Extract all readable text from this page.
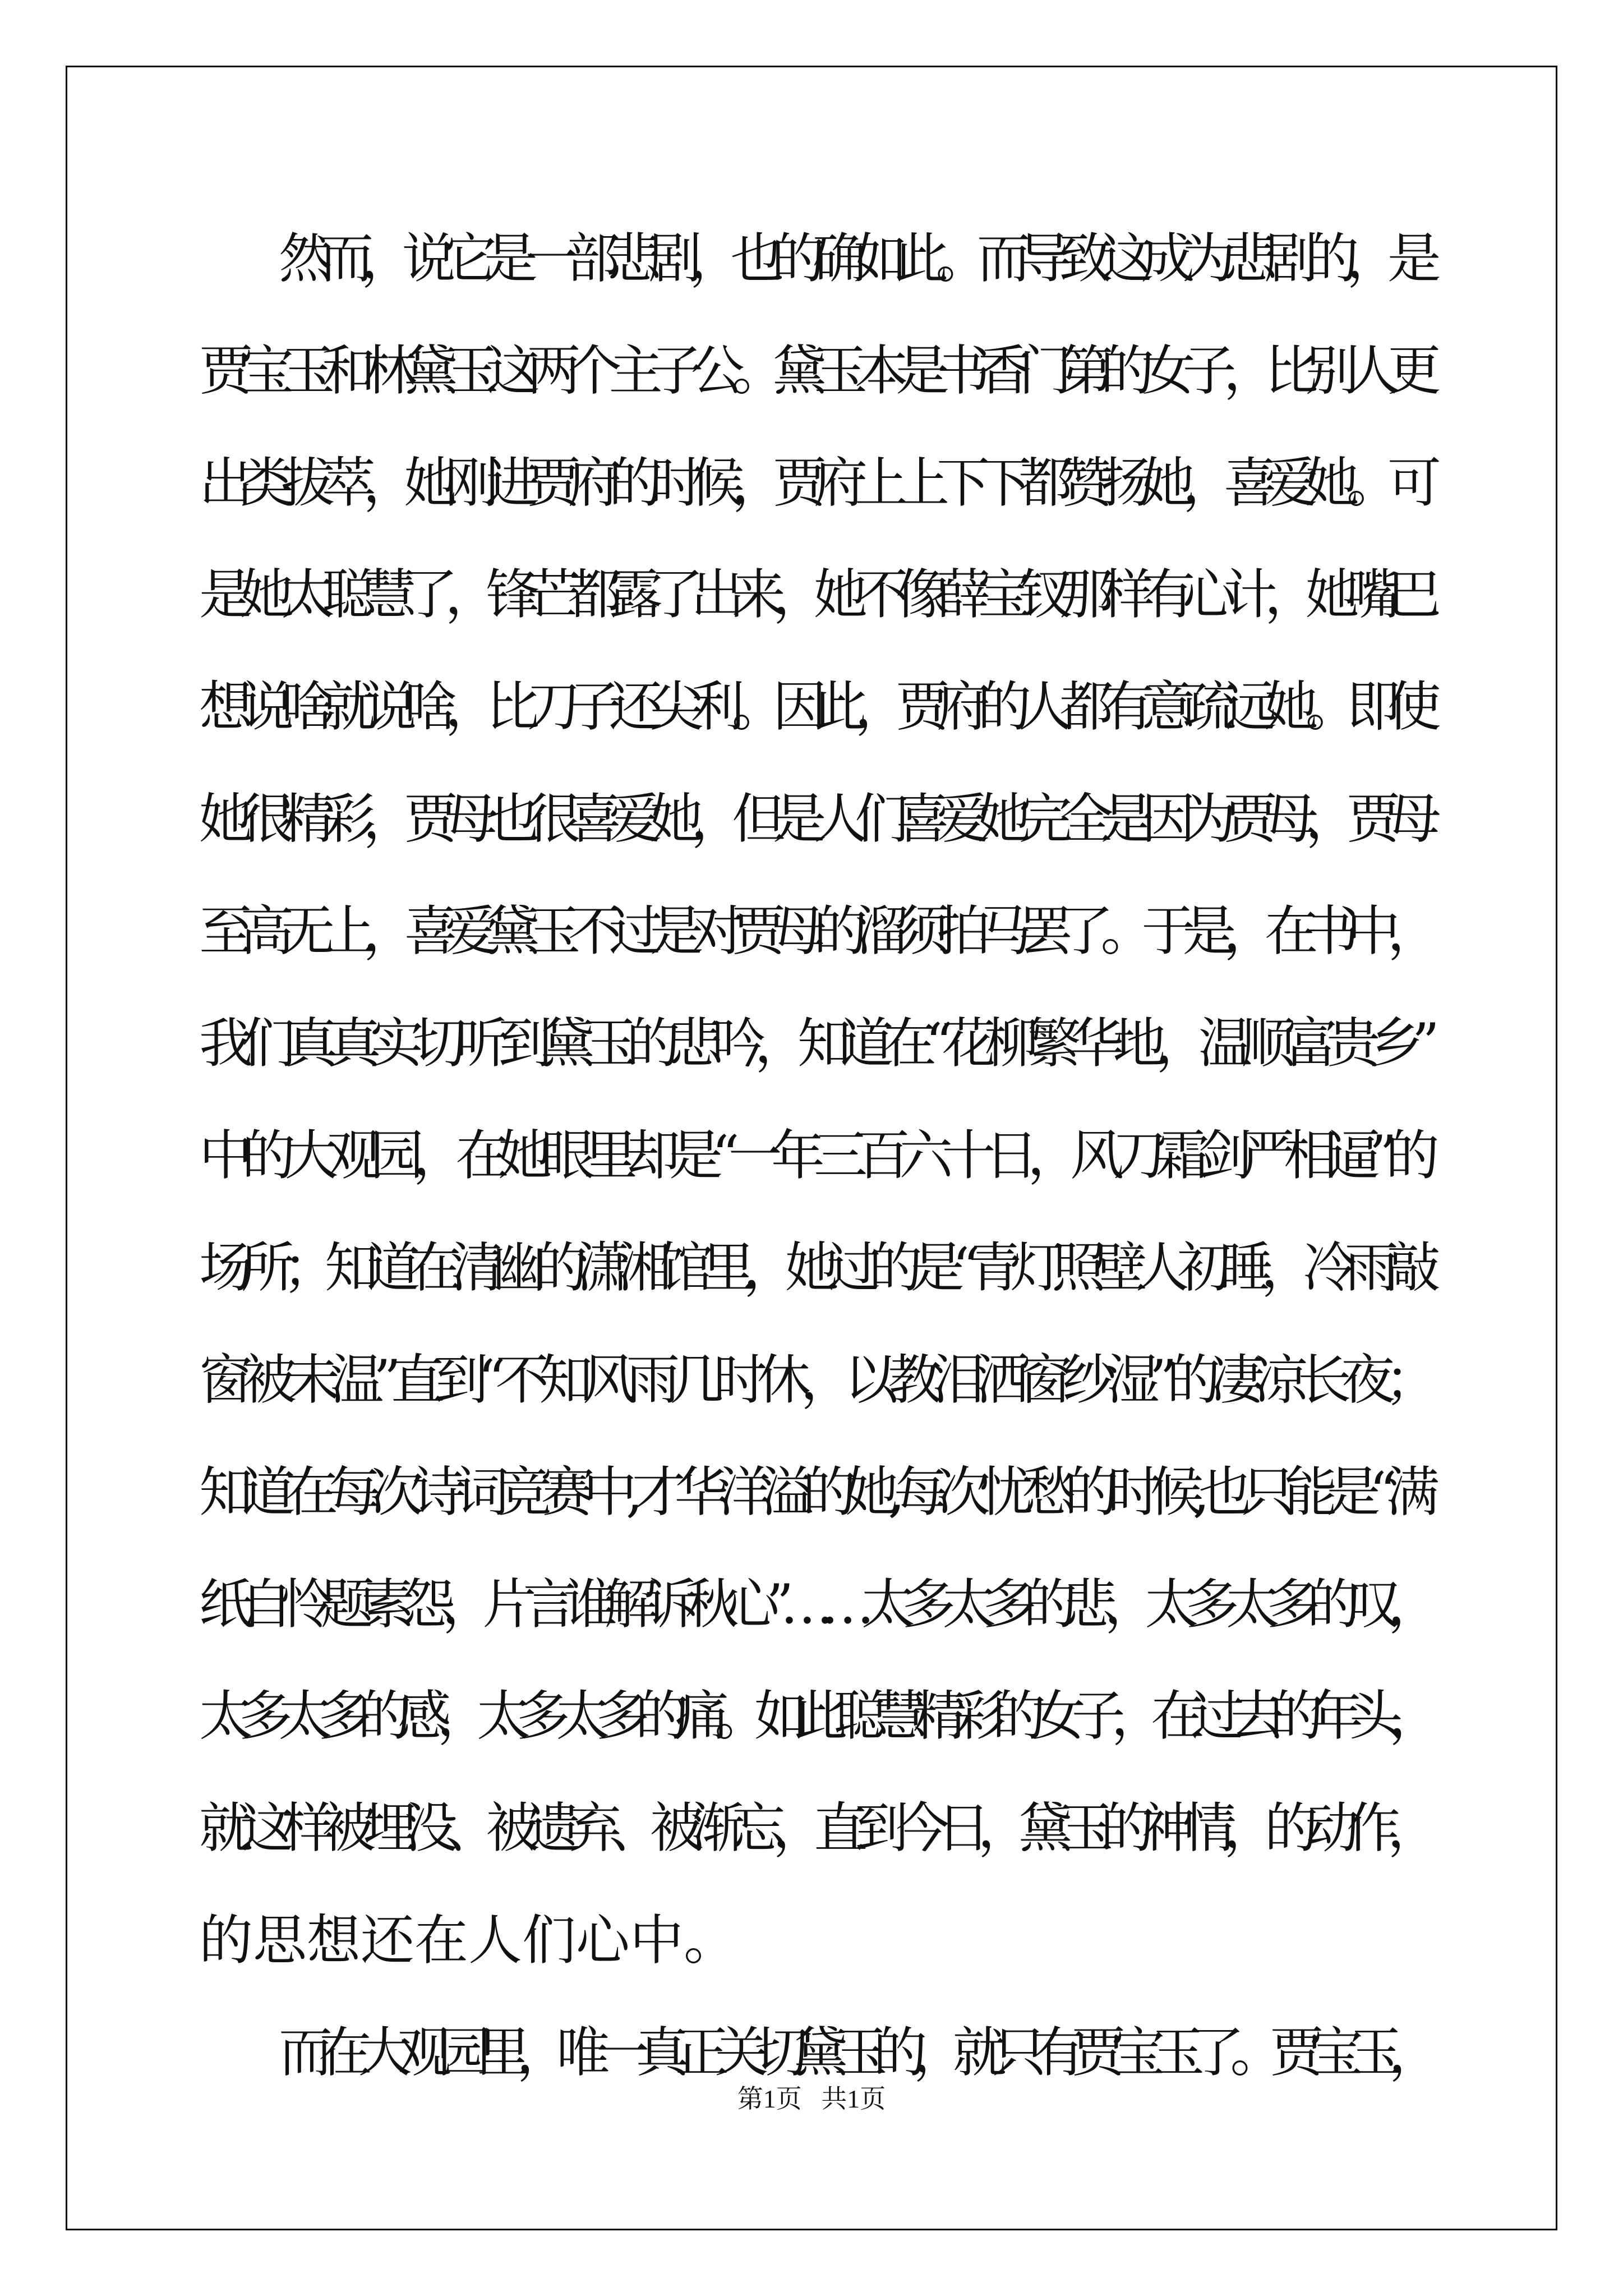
然而，说它是一部悲剧，也的确如此。而导致这成为悲剧的，是
贾宝玉和林黛玉这两个主子公。黛玉本是书香门第的女子，比别人更
出类拔萃，她刚进贾府的时候，贾府上上下下都赞扬她，喜爱她。可
是她太聪慧了，锋芒都露了出来，她不像薛宝钗那样有心计，她嘴巴
想说啥就说啥，比刀子还尖利。因此，贾府的人都有意疏远她。即使
她很精彩，贾母也很喜爱她，但是人们喜爱她完全是因为贾母，贾母
至高无上，喜爱黛玉不过是对贾母的溜须拍马罢了。于是，在书中，
我们真真实切听到黛玉的悲吟，知道在“花柳繁华地，温顺富贵乡”
中的大观园，在她眼里却是“一年三百六十日，风刀霜剑严相逼”的
场所；知道在清幽的潇湘馆里，她过的是“青灯照壁人初睡，冷雨敲
窗被未温”直到“不知风雨几时休，以教泪洒窗纱湿”的凄凉长夜；
知道在每次诗词竞赛中,才华洋溢的她,每次忧愁的时候,也只能是“满
纸自怜题素怨，片言谁解诉秋心”……太多太多的悲，太多太多的叹，
太多太多的感，太多太多的痛。如此聪慧精彩的女子，在过去的年头，
就这样被埋没、被遗弃、被渐忘，直到今日，黛玉的神情，的动作，
的思想还在人们心中。
而在大观园里，唯一真正关切黛玉的，就只有贾宝玉了。贾宝玉，
第1页   共1页
